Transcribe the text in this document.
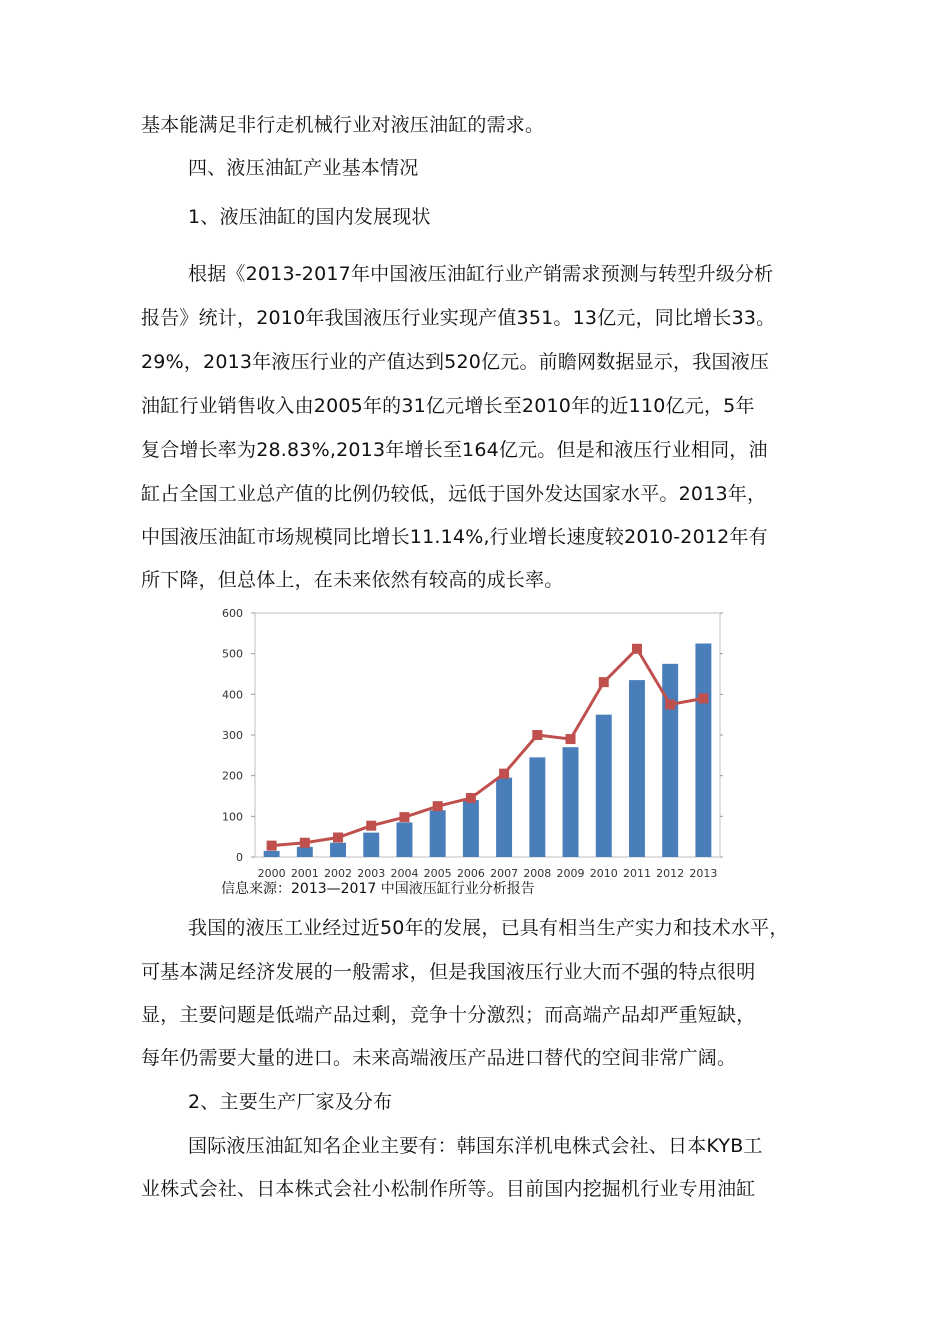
基本能满足非行走机械行业对液压油缸的需求。
四、液压油缸产业基本情况
1、液压油缸的国内发展现状
根据《2013-2017年中国液压油缸行业产销需求预测与转型升级分析
报告》统计，2010年我国液压行业实现产值351。13亿元，同比增长33。
29%，2013年液压行业的产值达到520亿元。前瞻网数据显示，我国液压
油缸行业销售收入由2005年的31亿元增长至2010年的近110亿元，5年
复合增长率为28.83%,2013年增长至164亿元。但是和液压行业相同，油
缸占全国工业总产值的比例仍较低，远低于国外发达国家水平。2013年，
中国液压油缸市场规模同比增长11.14%,行业增长速度较2010-2012年有
所下降，但总体上，在未来依然有较高的成长率。
0
100
200
300
400
500
600
2000 2001 2002 2003 2004 2005 2006 2007 2008 2009 2010 2011 2012 2013
信息来源：2013—2017 中国液压缸行业分析报告
我国的液压工业经过近50年的发展，已具有相当生产实力和技术水平，
可基本满足经济发展的一般需求，但是我国液压行业大而不强的特点很明
显，主要问题是低端产品过剩，竞争十分激烈；而高端产品却严重短缺，
每年仍需要大量的进口。未来高端液压产品进口替代的空间非常广阔。
2、主要生产厂家及分布
国际液压油缸知名企业主要有：韩国东洋机电株式会社、日本KYB工
业株式会社、日本株式会社小松制作所等。目前国内挖掘机行业专用油缸
